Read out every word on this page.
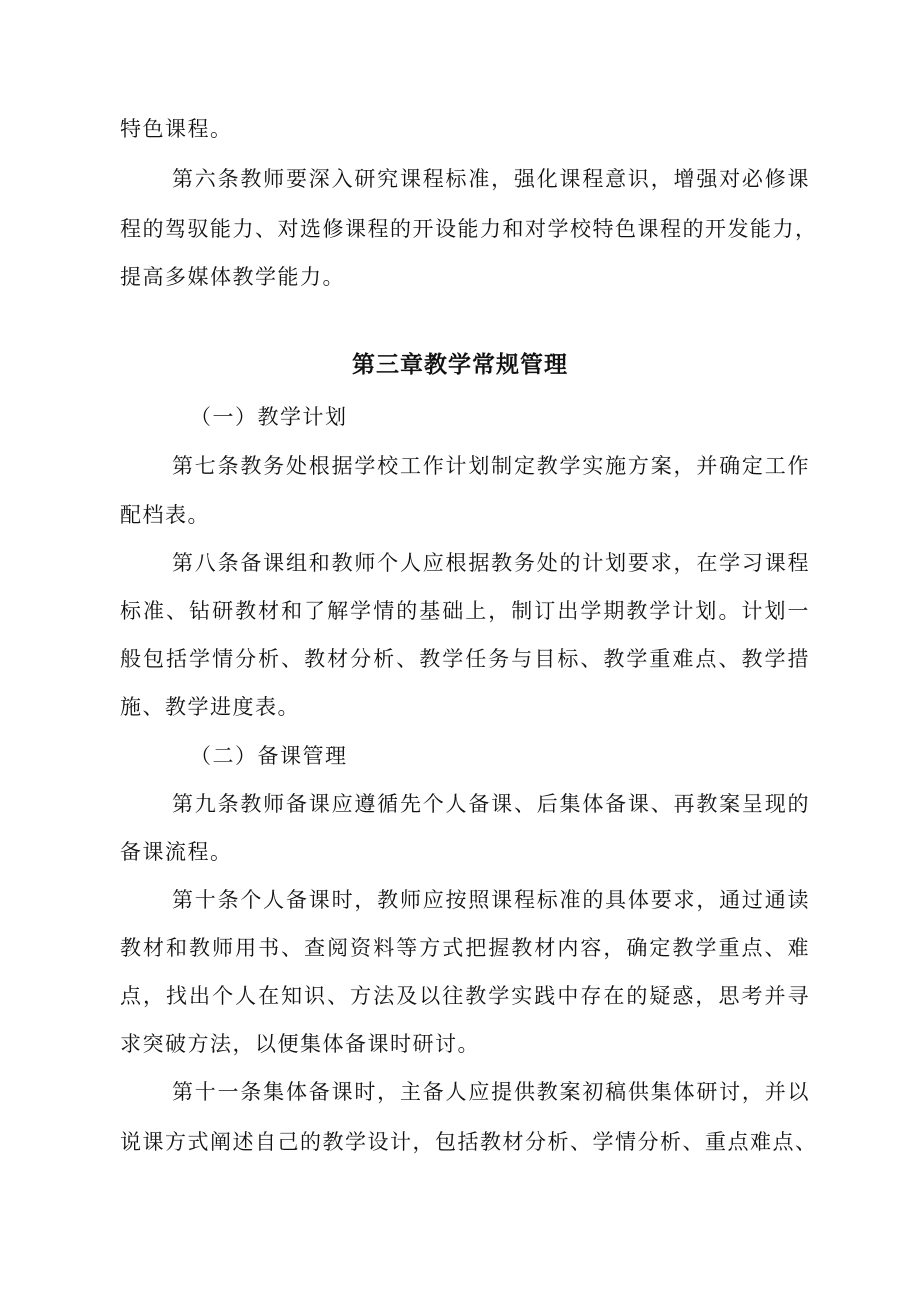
特色课程。
第六条教师要深入研究课程标准，强化课程意识，增强对必修课
程的驾驭能力、对选修课程的开设能力和对学校特色课程的开发能力，
提高多媒体教学能力。
第三章教学常规管理
（一）教学计划
第七条教务处根据学校工作计划制定教学实施方案，并确定工作
配档表。
第八条备课组和教师个人应根据教务处的计划要求，在学习课程
标准、钻研教材和了解学情的基础上，制订出学期教学计划。计划一
般包括学情分析、教材分析、教学任务与目标、教学重难点、教学措
施、教学进度表。
（二）备课管理
第九条教师备课应遵循先个人备课、后集体备课、再教案呈现的
备课流程。
第十条个人备课时，教师应按照课程标准的具体要求，通过通读
教材和教师用书、查阅资料等方式把握教材内容，确定教学重点、难
点，找出个人在知识、方法及以往教学实践中存在的疑惑，思考并寻
求突破方法，以便集体备课时研讨。
第十一条集体备课时，主备人应提供教案初稿供集体研讨，并以
说课方式阐述自己的教学设计，包括教材分析、学情分析、重点难点、
